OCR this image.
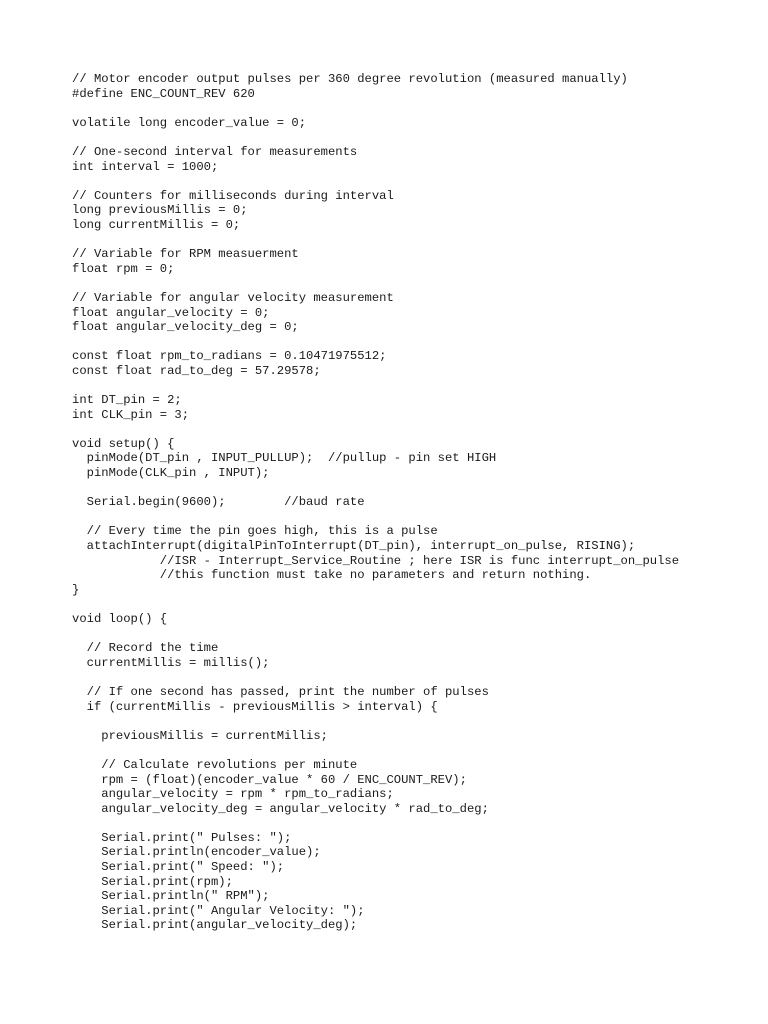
// Motor encoder output pulses per 360 degree revolution (measured manually)
#define ENC_COUNT_REV 620
volatile long encoder_value = 0;
// One-second interval for measurements
int interval = 1000;
// Counters for milliseconds during interval
long previousMillis = 0;
long currentMillis = 0;
// Variable for RPM measuerment
float rpm = 0;
// Variable for angular velocity measurement
float angular_velocity = 0;
float angular_velocity_deg = 0;
const float rpm_to_radians = 0.10471975512;
const float rad_to_deg = 57.29578;
int DT_pin = 2;
int CLK_pin = 3;
void setup() {
pinMode(DT_pin , INPUT_PULLUP);  //pullup - pin set HIGH
pinMode(CLK_pin , INPUT);
Serial.begin(9600);        //baud rate
// Every time the pin goes high, this is a pulse
attachInterrupt(digitalPinToInterrupt(DT_pin), interrupt_on_pulse, RISING);
//ISR - Interrupt_Service_Routine ; here ISR is func interrupt_on_pulse
//this function must take no parameters and return nothing.
}
void loop() {
// Record the time
currentMillis = millis();
// If one second has passed, print the number of pulses
if (currentMillis - previousMillis > interval) {
previousMillis = currentMillis;
// Calculate revolutions per minute
rpm = (float)(encoder_value * 60 / ENC_COUNT_REV);
angular_velocity = rpm * rpm_to_radians;
angular_velocity_deg = angular_velocity * rad_to_deg;
Serial.print(" Pulses: ");
Serial.println(encoder_value);
Serial.print(" Speed: ");
Serial.print(rpm);
Serial.println(" RPM");
Serial.print(" Angular Velocity: ");
Serial.print(angular_velocity_deg);
